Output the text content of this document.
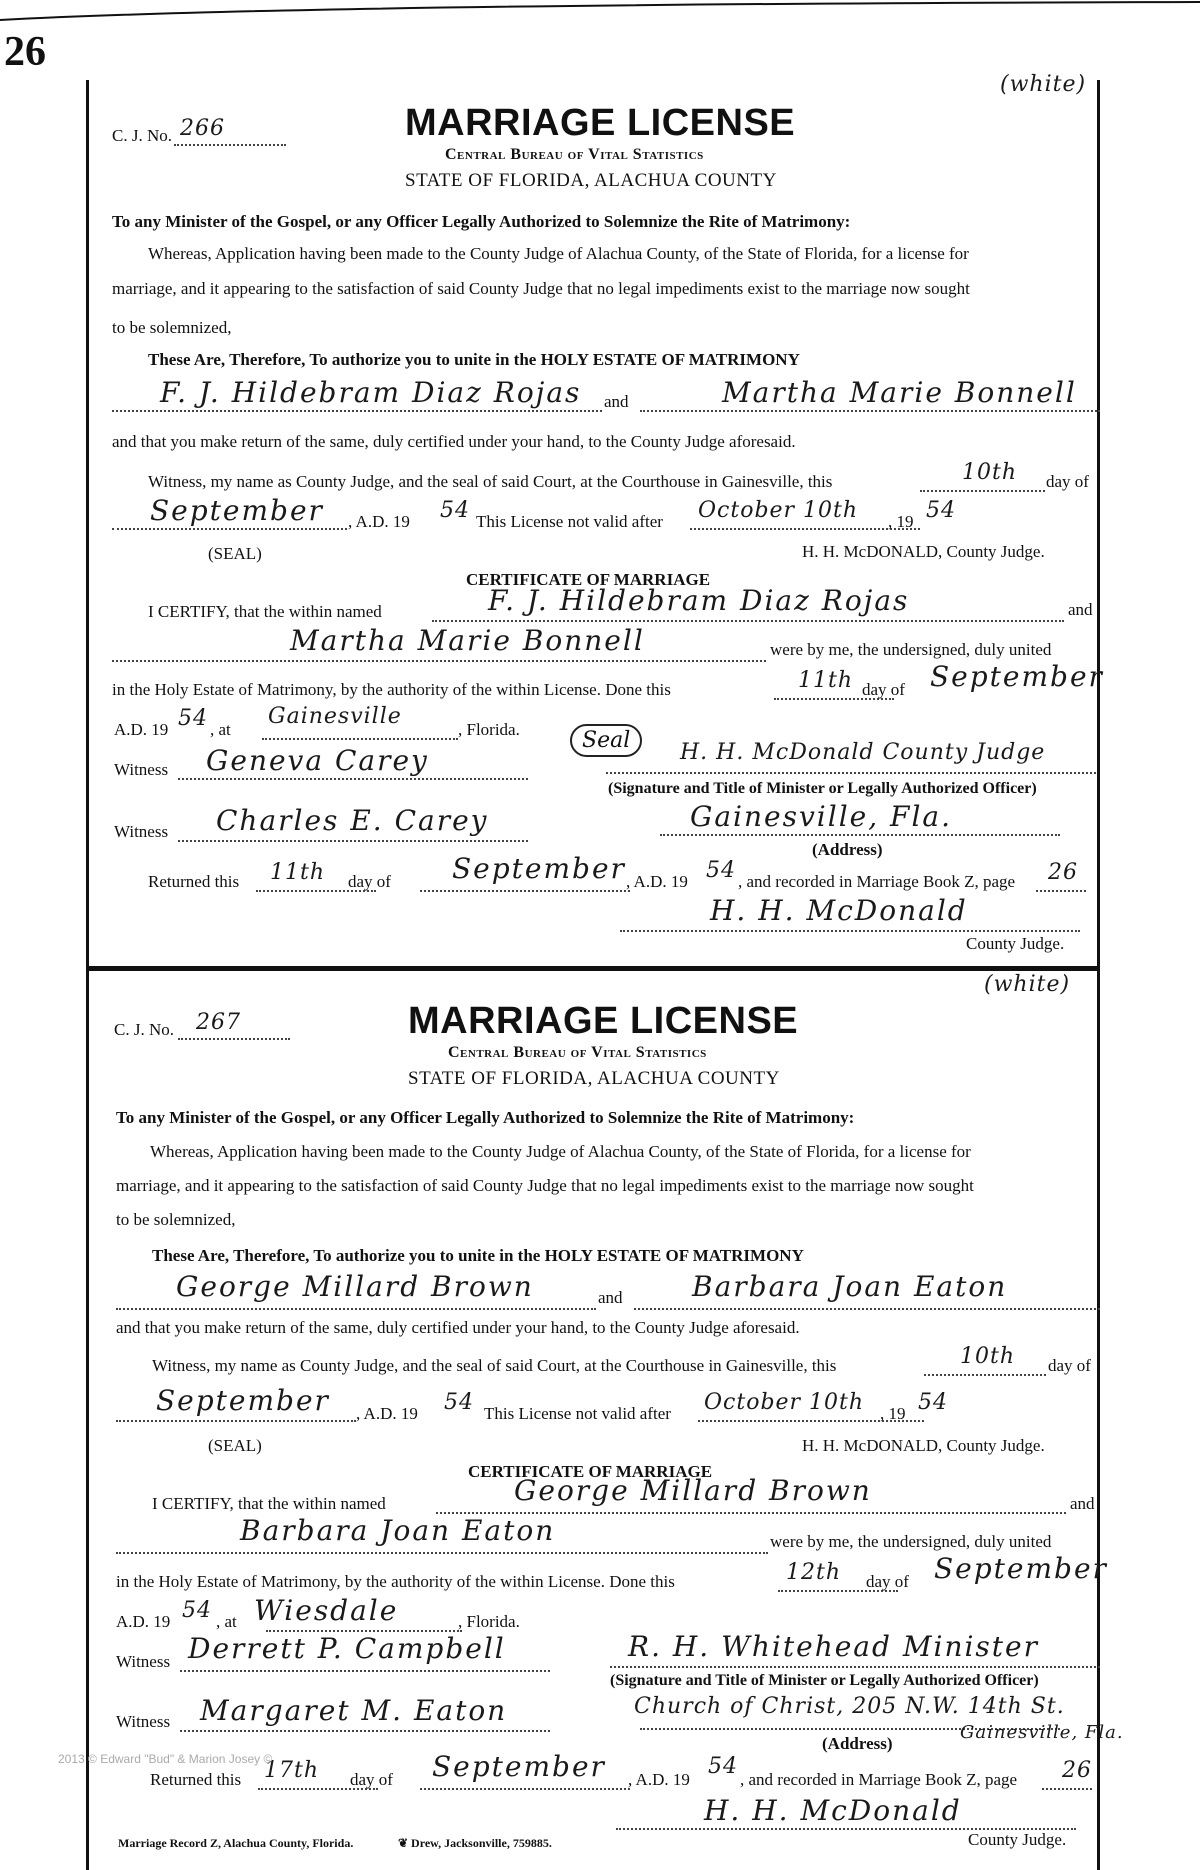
26
(white)
C. J. No. 266	MARRIAGE LICENSE
Central Bureau of Vital Statistics
STATE OF FLORIDA, ALACHUA COUNTY
To any Minister of the Gospel, or any Officer Legally Authorized to Solemnize the Rite of Matrimony:
Whereas, Application having been made to the County Judge of Alachua County, of the State of Florida, for a license for
marriage, and it appearing to the satisfaction of said County Judge that no legal impediments exist to the marriage now sought
to be solemnized,
These Are, Therefore, To authorize you to unite in the HOLY ESTATE OF MATRIMONY
F. J. Hildebram Diaz Rojas and	Martha Marie Bonnell
and that you make return of the same, duly certified under your hand, to the County Judge aforesaid.
Witness, my name as County Judge, and the seal of said Court, at the Courthouse in Gainesville, this	10th day of
September , A.D. 19 54 This License not valid after October 10th , 19 54
(SEAL)	H. H. McDONALD, County Judge.
CERTIFICATE OF MARRIAGE
I CERTIFY, that the within named	F. J. Hildebram Diaz Rojas	and
Martha Marie Bonnell	were by me, the undersigned, duly united
in the Holy Estate of Matrimony, by the authority of the within License. Done this	11th day of September
A.D. 19 54 , at
Gainesville
, Florida.
Witness Geneva Carey
Seal	H. H. McDonald County Judge
(Signature and Title of Minister or Legally Authorized Officer)
Witness Charles E. Carey	Gainesville, Fla.
(Address)
Returned this 11th day of September , A.D. 19 54 , and recorded in Marriage Book Z, page 26
H. H. McDonald
County Judge.
(white)
C. J. No. 267	MARRIAGE LICENSE
Central Bureau of Vital Statistics
STATE OF FLORIDA, ALACHUA COUNTY
To any Minister of the Gospel, or any Officer Legally Authorized to Solemnize the Rite of Matrimony:
Whereas, Application having been made to the County Judge of Alachua County, of the State of Florida, for a license for
marriage, and it appearing to the satisfaction of said County Judge that no legal impediments exist to the marriage now sought
to be solemnized,
These Are, Therefore, To authorize you to unite in the HOLY ESTATE OF MATRIMONY
George Millard Brown	and Barbara Joan Eaton
and that you make return of the same, duly certified under your hand, to the County Judge aforesaid.
Witness, my name as County Judge, and the seal of said Court, at the Courthouse in Gainesville, this	10th day of
September , A.D. 19 54 This License not valid after October 10th , 19 54
(SEAL)	H. H. McDONALD, County Judge.
CERTIFICATE OF MARRIAGE
I CERTIFY, that the within named	George Millard Brown	and
Barbara Joan Eaton	were by me, the undersigned, duly united
in the Holy Estate of Matrimony, by the authority of the within License. Done this	12th day of September
A.D. 19 54 , at Wiesdale	, Florida.
Witness Derrett P. Campbell	R. H. Whitehead Minister
(Signature and Title of Minister or Legally Authorized Officer)
Witness Margaret M. Eaton	Church of Christ, 205 N.W. 14th St.
Gainesville, Fla.
(Address)
Returned this 17th day of September , A.D. 19
54
, and recorded in Marriage Book Z, page 26
H. H. McDonald
County Judge.
2013 © Edward "Bud" & Marion Josey ©
Marriage Record Z, Alachua County, Florida.	❦ Drew, Jacksonville, 759885.
